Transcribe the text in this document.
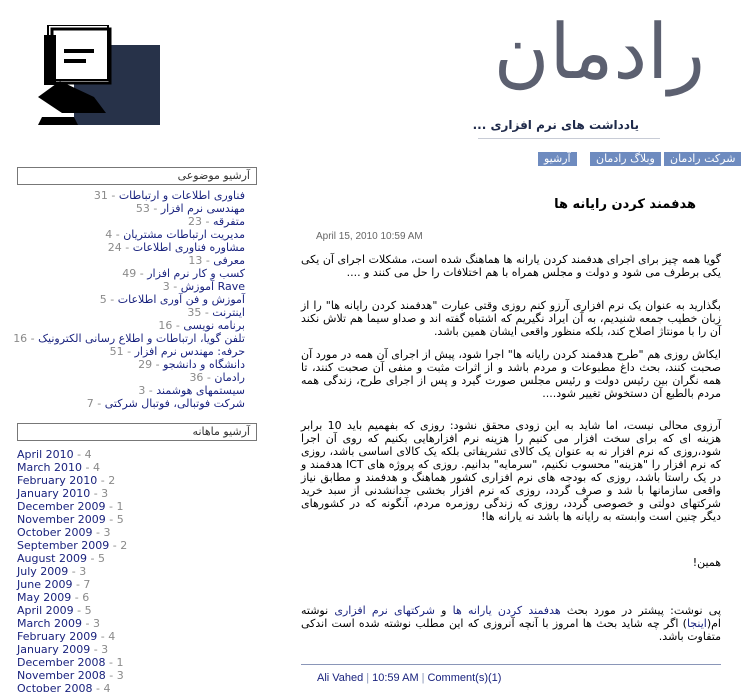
رادمان
یادداشت های نرم افزاری ...
شرکت رادمان
وبلاگ رادمان
آرشیو
آرشیو موضوعی
فناوری اطلاعات و ارتباطات - 31
مهندسی نرم افزار - 53
متفرقه - 23
مدیریت ارتباطات مشتریان - 4
مشاوره فناوری اطلاعات - 24
معرفی - 13
کسب و کار نرم افزار - 49
Rave آموزش - 3
آموزش و فن آوری اطلاعات - 5
اینترنت - 35
برنامه نویسی - 16
تلفن گویا، ارتباطات و اطلاع رسانی الکترونیک - 16
حرفه: مهندس نرم افزار - 51
دانشگاه و دانشجو - 29
رادمان - 36
سیستمهای هوشمند - 3
شرکت فوتبالی، فوتبال شرکتی - 7
آرشیو ماهانه
April 2010 - 4
March 2010 - 4
February 2010 - 2
January 2010 - 3
December 2009 - 1
November 2009 - 5
October 2009 - 3
September 2009 - 2
August 2009 - 5
July 2009 - 3
June 2009 - 7
May 2009 - 6
April 2009 - 5
March 2009 - 3
February 2009 - 4
January 2009 - 3
December 2008 - 1
November 2008 - 3
October 2008 - 4
هدفمند کردن رایانه ها
April 15, 2010 10:59 AM
گویا همه چیز برای اجرای هدفمند کردن یارانه ها هماهنگ شده است، مشکلات اجرای آن یکی یکی برطرف می شود و دولت و مجلس همراه با هم اختلافات را حل می کنند و ....
بگذارید به عنوان یک نرم افزاری آرزو کنم روزی وقتی عبارت "هدفمند کردن رایانه ها" را از زبان خطیب جمعه شنیدیم، به آن ایراد نگیریم که اشتباه گفته اند و صداو سیما هم تلاش نکند آن را با مونتاژ اصلاح کند، بلکه منظور واقعی ایشان همین باشد.
ایکاش روزی هم "طرح هدفمند کردن رایانه ها" اجرا شود، پیش از اجرای آن همه در مورد آن صحبت کنند، بحث داغ مطبوعات و مردم باشد و از اثرات مثبت و منفی آن صحبت کنند، تا همه نگران بین رئیس دولت و رئیس مجلس صورت گیرد و پس از اجرای طرح، زندگی همه مردم بالطبع آن دستخوش تغییر شود....
آرزوی محالی نیست، اما شاید به این زودی محقق نشود: روزی که بفهمیم باید 10 برابر هزینه ای که برای سخت افزار می کنیم را هزینه نرم افزارهایی بکنیم که روی آن اجرا شود،روزی که نرم افزار نه به عنوان یک کالای تشریفاتی بلکه یک کالای اساسی باشد، روزی که نرم افزار را "هزینه" محسوب نکنیم، "سرمایه" بدانیم. روزی که پروژه های ICT هدفمند و در یک راستا باشد، روزی که بودجه های نرم افزاری کشور هماهنگ و هدفمند و مطابق نیاز واقعی سازمانها با شد و صرف گردد، روزی که نرم افزار بخشی جدانشدنی از سبد خرید شرکتهای دولتی و خصوصی گردد، روزی که زندگی روزمره مردم، آنگونه که در کشورهای دیگر چنین است وابسته به رایانه ها باشد نه یارانه ها!
همین!
پی نوشت: پیشتر در مورد بحث هدفمند کردن یارانه ها و شرکتهای نرم افزاری نوشته ام(اینجا) اگر چه شاید بحث ها امروز با آنچه آنروزی که این مطلب نوشته شده است اندکی متفاوت باشد.
Ali Vahed | 10:59 AM | Comment(s)(1)
